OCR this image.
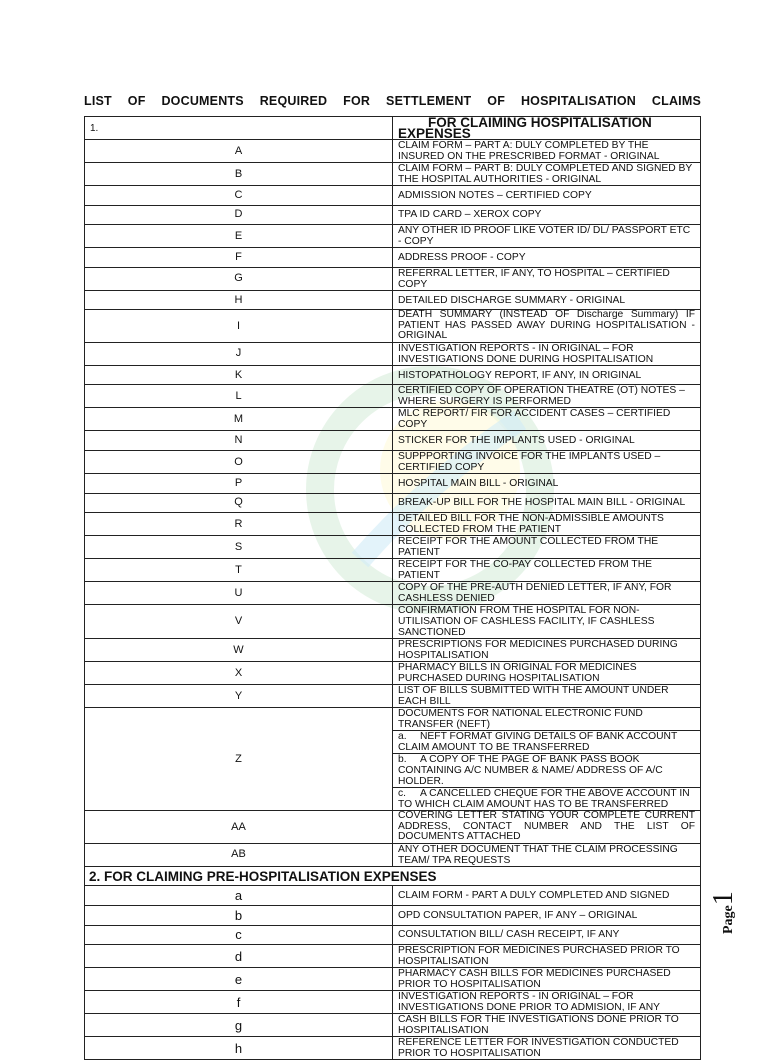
LIST OF DOCUMENTS REQUIRED FOR SETTLEMENT OF HOSPITALISATION CLAIMS
1.	FOR CLAIMING HOSPITALISATION EXPENSES
A	CLAIM FORM – PART A: DULY COMPLETED BY THE INSURED ON THE PRESCRIBED FORMAT - ORIGINAL
B	CLAIM FORM – PART B: DULY COMPLETED AND SIGNED BY THE HOSPITAL AUTHORITIES - ORIGINAL
C	ADMISSION NOTES – CERTIFIED COPY
D	TPA ID CARD – XEROX COPY
E	ANY OTHER ID PROOF LIKE VOTER ID/ DL/ PASSPORT ETC - COPY
F	ADDRESS PROOF - COPY
G	REFERRAL LETTER, IF ANY, TO HOSPITAL – CERTIFIED COPY
H	DETAILED DISCHARGE SUMMARY - ORIGINAL
I	DEATH SUMMARY (INSTEAD OF Discharge Summary) IF PATIENT HAS PASSED AWAY DURING HOSPITALISATION - ORIGINAL
J	INVESTIGATION REPORTS - IN ORIGINAL – FOR INVESTIGATIONS DONE DURING HOSPITALISATION
K	HISTOPATHOLOGY REPORT, IF ANY, IN ORIGINAL
L	CERTIFIED COPY OF OPERATION THEATRE (OT) NOTES – WHERE SURGERY IS PERFORMED
M	MLC REPORT/ FIR FOR ACCIDENT CASES – CERTIFIED COPY
N	STICKER FOR THE IMPLANTS USED - ORIGINAL
O	SUPPPORTING INVOICE FOR THE IMPLANTS USED – CERTIFIED COPY
P	HOSPITAL MAIN BILL - ORIGINAL
Q	BREAK-UP BILL FOR THE HOSPITAL MAIN BILL - ORIGINAL
R	DETAILED BILL FOR THE NON-ADMISSIBLE AMOUNTS COLLECTED FROM THE PATIENT
S	RECEIPT FOR THE AMOUNT COLLECTED FROM THE PATIENT
T	RECEIPT FOR THE CO-PAY COLLECTED FROM THE PATIENT
U	COPY OF THE PRE-AUTH DENIED LETTER, IF ANY, FOR CASHLESS DENIED
V	CONFIRMATION FROM THE HOSPITAL FOR NON-UTILISATION OF CASHLESS FACILITY, IF CASHLESS SANCTIONED
W	PRESCRIPTIONS FOR MEDICINES PURCHASED DURING HOSPITALISATION
X	PHARMACY BILLS IN ORIGINAL FOR MEDICINES PURCHASED DURING HOSPITALISATION
Y	LIST OF BILLS SUBMITTED WITH THE AMOUNT UNDER EACH BILL
Z	DOCUMENTS FOR NATIONAL ELECTRONIC FUND TRANSFER (NEFT)
	a. NEFT FORMAT GIVING DETAILS OF BANK ACCOUNT CLAIM AMOUNT TO BE TRANSFERRED
	b. A COPY OF THE PAGE OF BANK PASS BOOK CONTAINING A/C NUMBER & NAME/ ADDRESS OF A/C HOLDER.
	c. A CANCELLED CHEQUE FOR THE ABOVE ACCOUNT IN TO WHICH CLAIM AMOUNT HAS TO BE TRANSFERRED
AA	COVERING LETTER STATING YOUR COMPLETE CURRENT ADDRESS, CONTACT NUMBER AND THE LIST OF DOCUMENTS ATTACHED
AB	ANY OTHER DOCUMENT THAT THE CLAIM PROCESSING TEAM/ TPA REQUESTS
2. FOR CLAIMING PRE-HOSPITALISATION EXPENSES	
a	CLAIM FORM - PART A DULY COMPLETED AND SIGNED
b	OPD CONSULTATION PAPER, IF ANY – ORIGINAL
c	CONSULTATION BILL/ CASH RECEIPT, IF ANY
d	PRESCRIPTION FOR MEDICINES PURCHASED PRIOR TO HOSPITALISATION
e	PHARMACY CASH BILLS FOR MEDICINES PURCHASED PRIOR TO HOSPITALISATION
f	INVESTIGATION REPORTS - IN ORIGINAL – FOR INVESTIGATIONS DONE PRIOR TO ADMISION, IF ANY
g	CASH BILLS FOR THE INVESTIGATIONS DONE PRIOR TO HOSPITALISATION
h	REFERENCE LETTER FOR INVESTIGATION CONDUCTED PRIOR TO HOSPITALISATION
Page1
